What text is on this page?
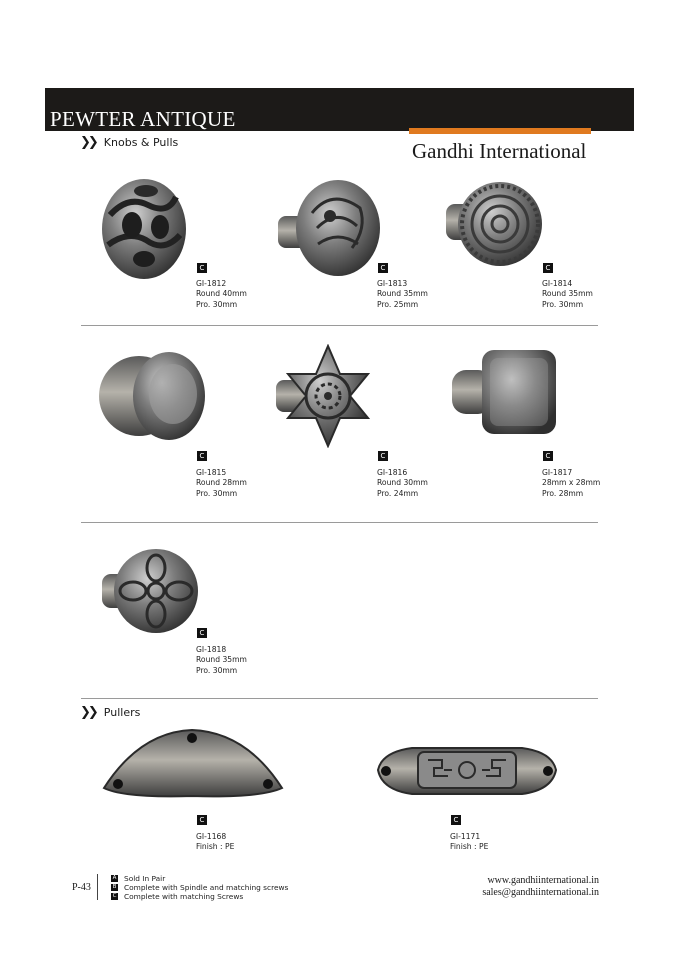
PEWTER ANTIQUE
Gandhi International
❯❯ Knobs & Pulls
C
GI-1812
Round 40mm
Pro. 30mm
C
GI-1813
Round 35mm
Pro. 25mm
C
GI-1814
Round 35mm
Pro. 30mm
C
GI-1815
Round 28mm
Pro. 30mm
C
GI-1816
Round 30mm
Pro. 24mm
C
GI-1817
28mm x 28mm
Pro. 28mm
C
GI-1818
Round 35mm
Pro. 30mm
❯❯ Pullers
C
GI-1168
Finish : PE
C
GI-1171
Finish : PE
P-43
A Sold In Pair
B Complete with Spindle and matching screws
C Complete with matching Screws
www.gandhiinternational.in
sales@gandhiinternational.in
